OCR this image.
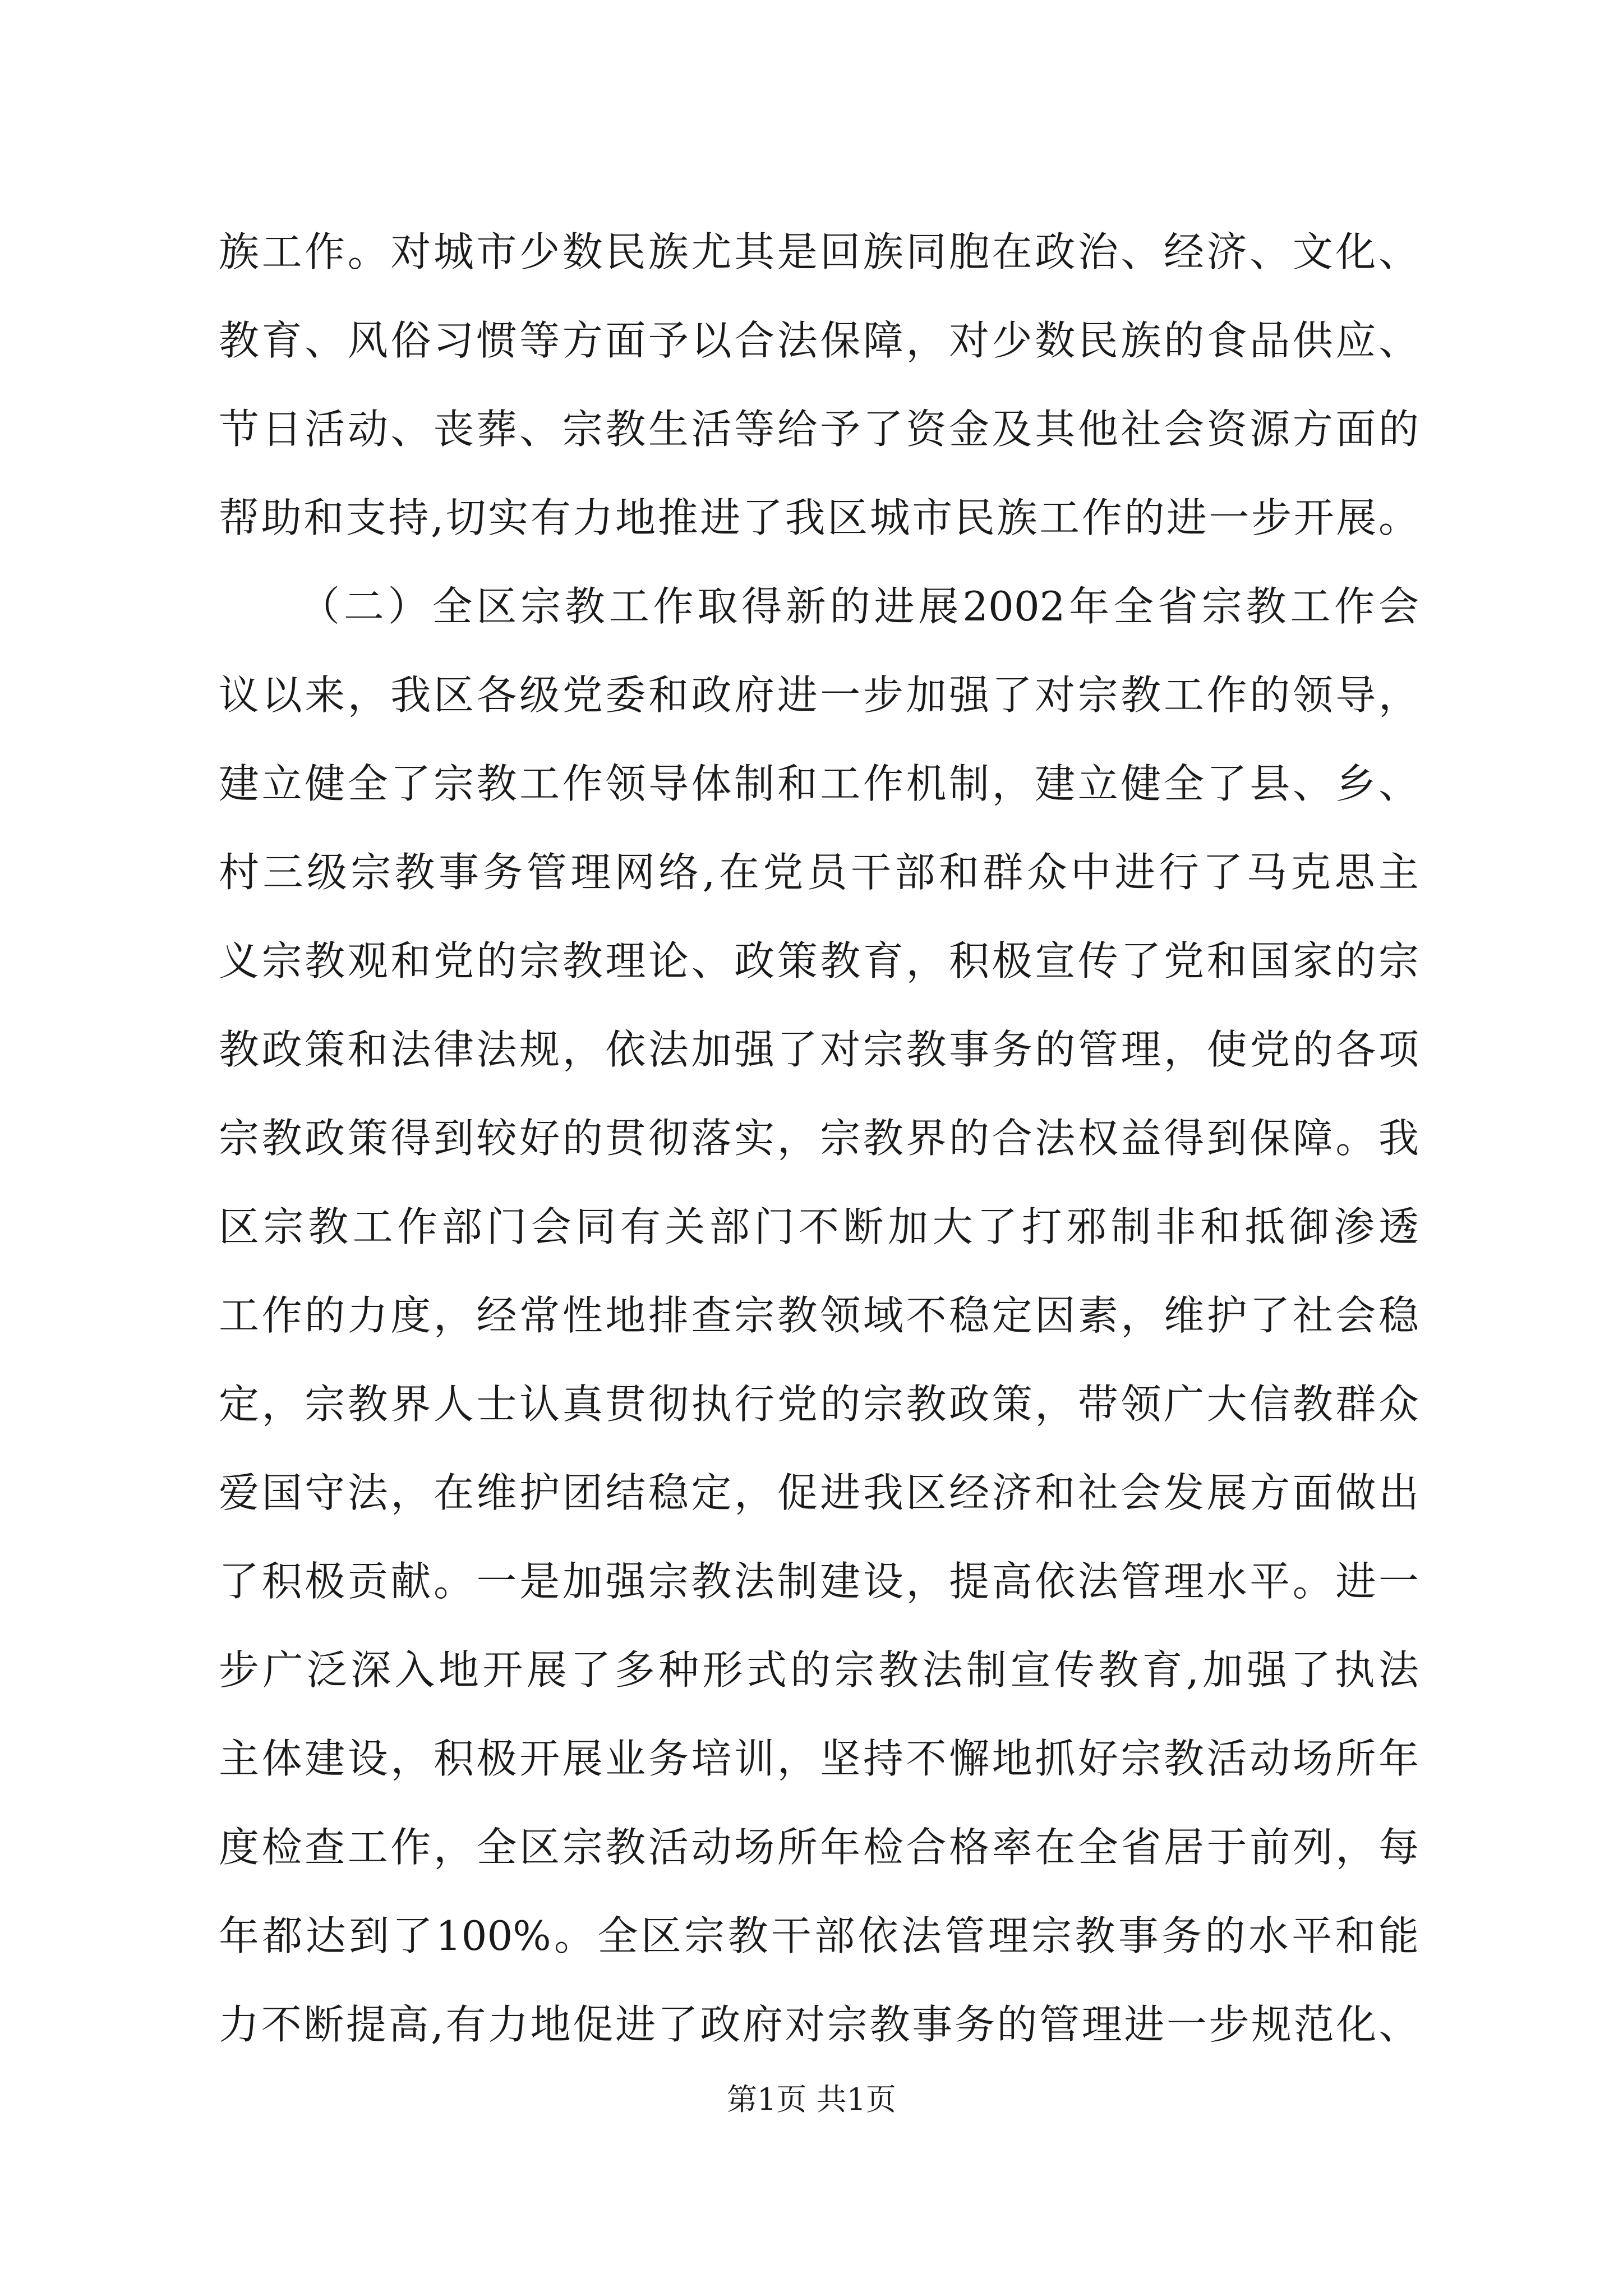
族工作。对城市少数民族尤其是回族同胞在政治、经济、文化、
教育、风俗习惯等方面予以合法保障，对少数民族的食品供应、
节日活动、丧葬、宗教生活等给予了资金及其他社会资源方面的
帮助和支持,切实有力地推进了我区城市民族工作的进一步开展。
（二）全区宗教工作取得新的进展2002年全省宗教工作会
议以来，我区各级党委和政府进一步加强了对宗教工作的领导，
建立健全了宗教工作领导体制和工作机制，建立健全了县、乡、
村三级宗教事务管理网络,在党员干部和群众中进行了马克思主
义宗教观和党的宗教理论、政策教育，积极宣传了党和国家的宗
教政策和法律法规，依法加强了对宗教事务的管理，使党的各项
宗教政策得到较好的贯彻落实，宗教界的合法权益得到保障。我
区宗教工作部门会同有关部门不断加大了打邪制非和抵御渗透
工作的力度，经常性地排查宗教领域不稳定因素，维护了社会稳
定，宗教界人士认真贯彻执行党的宗教政策，带领广大信教群众
爱国守法，在维护团结稳定，促进我区经济和社会发展方面做出
了积极贡献。一是加强宗教法制建设，提高依法管理水平。进一
步广泛深入地开展了多种形式的宗教法制宣传教育,加强了执法
主体建设，积极开展业务培训，坚持不懈地抓好宗教活动场所年
度检查工作，全区宗教活动场所年检合格率在全省居于前列，每
年都达到了100%。全区宗教干部依法管理宗教事务的水平和能
力不断提高,有力地促进了政府对宗教事务的管理进一步规范化、
第1页 共1页
